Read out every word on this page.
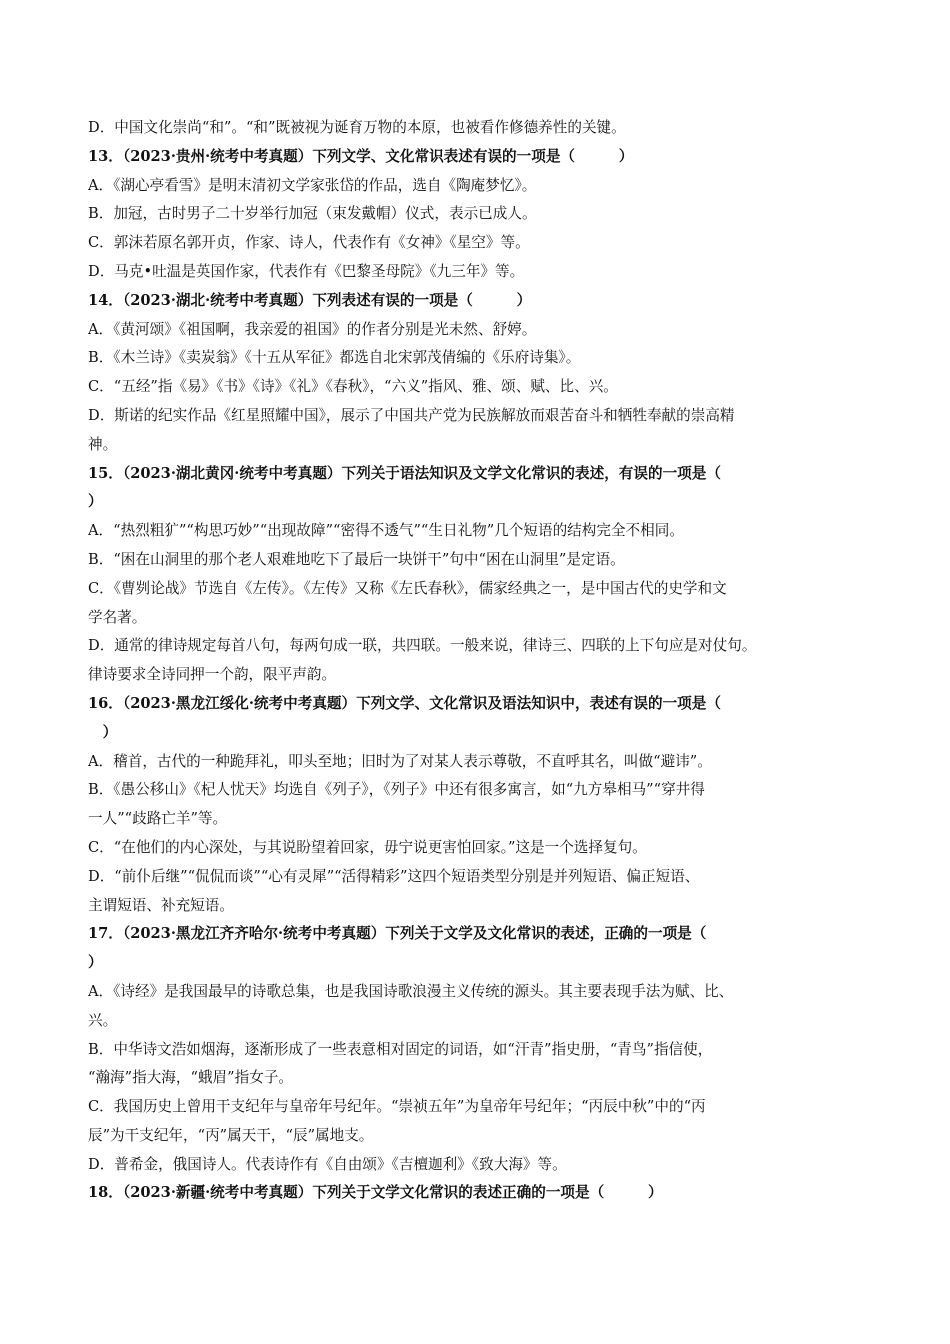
D．中国文化崇尚“和”。“和”既被视为诞育万物的本原，也被看作修德养性的关键。
13．（2023·贵州·统考中考真题）下列文学、文化常识表述有误的一项是（　　　）
A．《湖心亭看雪》是明末清初文学家张岱的作品，选自《陶庵梦忆》。
B．加冠，古时男子二十岁举行加冠（束发戴帽）仪式，表示已成人。
C．郭沫若原名郭开贞，作家、诗人，代表作有《女神》《星空》等。
D．马克•吐温是英国作家，代表作有《巴黎圣母院》《九三年》等。
14．（2023·湖北·统考中考真题）下列表述有误的一项是（　　　）
A．《黄河颂》《祖国啊，我亲爱的祖国》的作者分别是光未然、舒婷。
B．《木兰诗》《卖炭翁》《十五从军征》都选自北宋郭茂倩编的《乐府诗集》。
C．“五经”指《易》《书》《诗》《礼》《春秋》，“六义”指风、雅、颂、赋、比、兴。
D．斯诺的纪实作品《红星照耀中国》，展示了中国共产党为民族解放而艰苦奋斗和牺牲奉献的崇高精
神。
15．（2023·湖北黄冈·统考中考真题）下列关于语法知识及文学文化常识的表述，有误的一项是（
）
A．“热烈粗犷”“构思巧妙”“出现故障”“密得不透气”“生日礼物”几个短语的结构完全不相同。
B．“困在山洞里的那个老人艰难地吃下了最后一块饼干”句中“困在山洞里”是定语。
C．《曹刿论战》节选自《左传》。《左传》又称《左氏春秋》，儒家经典之一，是中国古代的史学和文
学名著。
D．通常的律诗规定每首八句，每两句成一联，共四联。一般来说，律诗三、四联的上下句应是对仗句。
律诗要求全诗同押一个韵，限平声韵。
16．（2023·黑龙江绥化·统考中考真题）下列文学、文化常识及语法知识中，表述有误的一项是（
　）
A．稽首，古代的一种跪拜礼，叩头至地；旧时为了对某人表示尊敬，不直呼其名，叫做“避讳”。
B．《愚公移山》《杞人忧天》均选自《列子》，《列子》中还有很多寓言，如“九方皋相马”“穿井得
一人”“歧路亡羊”等。
C．“在他们的内心深处，与其说盼望着回家，毋宁说更害怕回家。”这是一个选择复句。
D．“前仆后继”“侃侃而谈”“心有灵犀”“活得精彩”这四个短语类型分别是并列短语、偏正短语、
主谓短语、补充短语。
17．（2023·黑龙江齐齐哈尔·统考中考真题）下列关于文学及文化常识的表述，正确的一项是（
）
A．《诗经》是我国最早的诗歌总集，也是我国诗歌浪漫主义传统的源头。其主要表现手法为赋、比、
兴。
B．中华诗文浩如烟海，逐渐形成了一些表意相对固定的词语，如“汗青”指史册，“青鸟”指信使，
“瀚海”指大海，“蛾眉”指女子。
C．我国历史上曾用干支纪年与皇帝年号纪年。“崇祯五年”为皇帝年号纪年；“丙辰中秋”中的“丙
辰”为干支纪年，“丙”属天干，“辰”属地支。
D．普希金，俄国诗人。代表诗作有《自由颂》《吉檀迦利》《致大海》等。
18．（2023·新疆·统考中考真题）下列关于文学文化常识的表述正确的一项是（　　　）
